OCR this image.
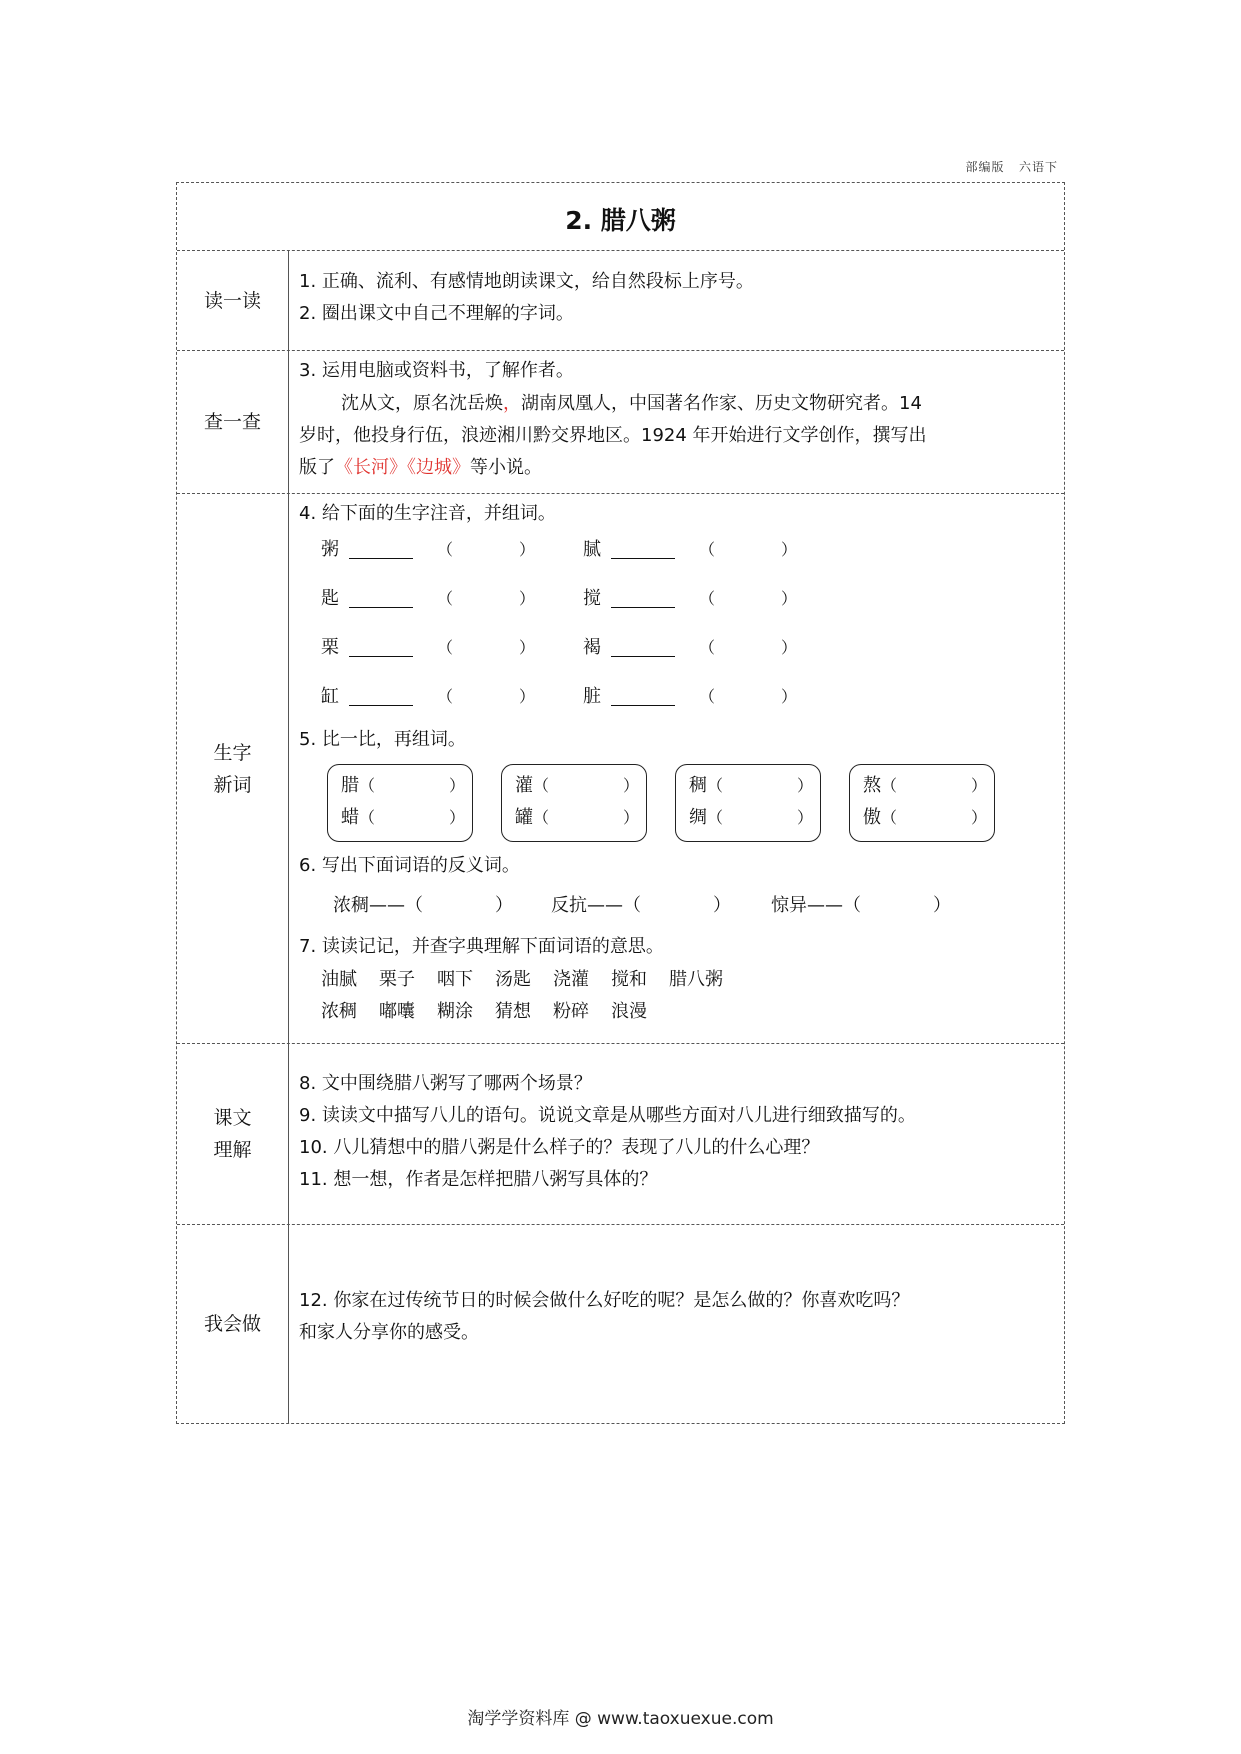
部编版 六语下
2. 腊八粥
读一读
1. 正确、流利、有感情地朗读课文，给自然段标上序号。
2. 圈出课文中自己不理解的字词。
查一查
3. 运用电脑或资料书，了解作者。
沈从文，原名沈岳焕，湖南凤凰人，中国著名作家、历史文物研究者。14
岁时，他投身行伍，浪迹湘川黔交界地区。1924 年开始进行文学创作，撰写出
版了《长河》《边城》等小说。
生字
新词
4. 给下面的生字注音，并组词。
粥	（	）	腻	（	）
匙	（	）	搅	（	）
栗	（	）	褐	（	）
缸	（	）	脏	（	）
5. 比一比，再组词。
腊（	）
蜡（	）
灌（	）
罐（	）
稠（	）
绸（	）
熬（	）
傲（	）
6. 写出下面词语的反义词。
浓稠——（	） 反抗——（	） 惊异——（	）
7. 读读记记，并查字典理解下面词语的意思。
油腻 栗子 咽下 汤匙 浇灌 搅和 腊八粥
浓稠 嘟囔 糊涂 猜想 粉碎 浪漫
课文
理解
8. 文中围绕腊八粥写了哪两个场景？
9. 读读文中描写八儿的语句。说说文章是从哪些方面对八儿进行细致描写的。
10. 八儿猜想中的腊八粥是什么样子的？表现了八儿的什么心理？
11. 想一想，作者是怎样把腊八粥写具体的？
我会做
12. 你家在过传统节日的时候会做什么好吃的呢？是怎么做的？你喜欢吃吗？
和家人分享你的感受。
淘学学资料库 @ www.taoxuexue.com
